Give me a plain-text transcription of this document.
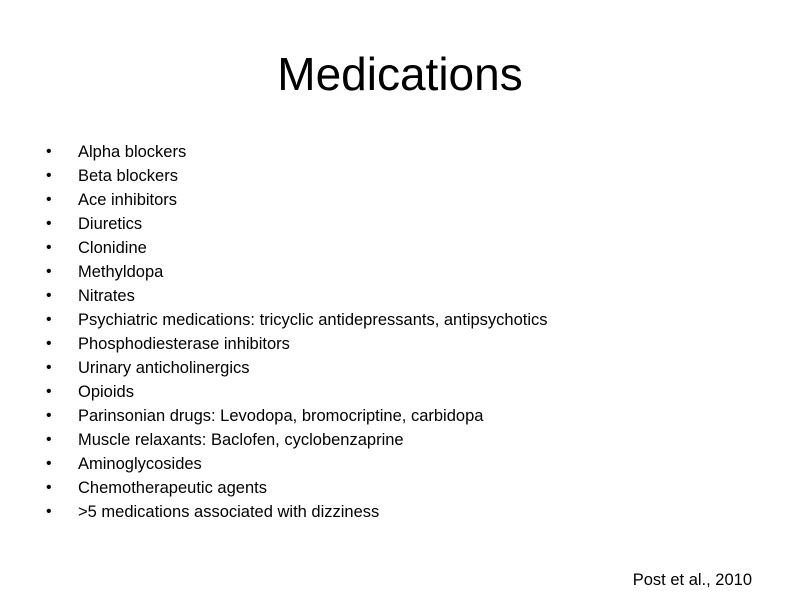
Medications
•	Alpha blockers
•	Beta blockers
•	Ace inhibitors
•	Diuretics
•	Clonidine
•	Methyldopa
•	Nitrates
•	Psychiatric medications: tricyclic antidepressants, antipsychotics
•	Phosphodiesterase inhibitors
•	Urinary anticholinergics
•	Opioids
•	Parinsonian drugs: Levodopa, bromocriptine, carbidopa
•	Muscle relaxants: Baclofen, cyclobenzaprine
•	Aminoglycosides
•	Chemotherapeutic agents
•	>5 medications associated with dizziness
Post et al., 2010
